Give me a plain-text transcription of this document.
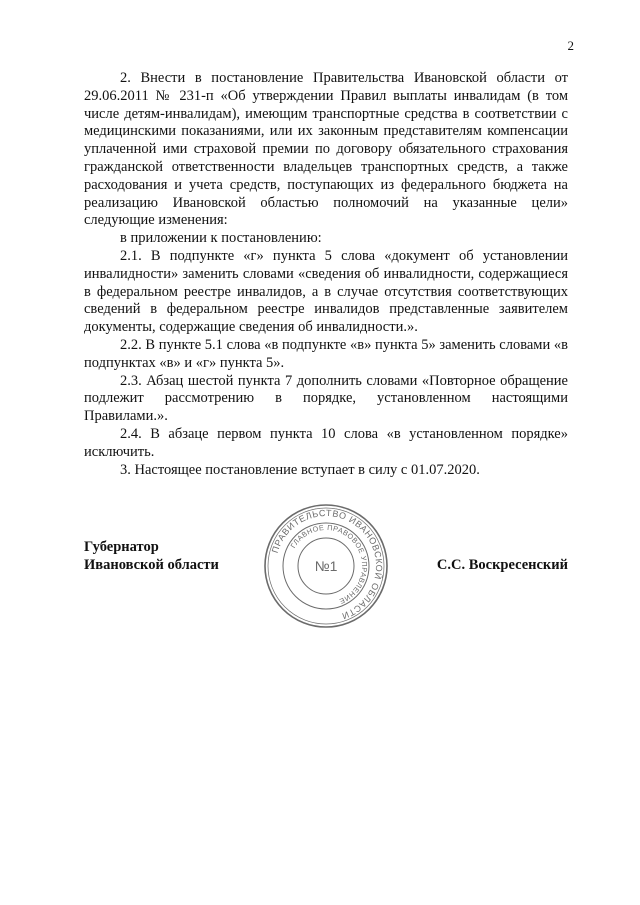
2

2. Внести в постановление Правительства Ивановской области от 29.06.2011 № 231-п «Об утверждении Правил выплаты инвалидам (в том числе детям-инвалидам), имеющим транспортные средства в соответствии с медицинскими показаниями, или их законным представителям компенсации уплаченной ими страховой премии по договору обязательного страхования гражданской ответственности владельцев транспортных средств, а также расходования и учета средств, поступающих из федерального бюджета на реализацию Ивановской областью полномочий на указанные цели» следующие изменения:

в приложении к постановлению:

2.1. В подпункте «г» пункта 5 слова «документ об установлении инвалидности» заменить словами «сведения об инвалидности, содержащиеся в федеральном реестре инвалидов, а в случае отсутствия соответствующих сведений в федеральном реестре инвалидов представленные заявителем документы, содержащие сведения об инвалидности.».

2.2. В пункте 5.1 слова «в подпункте «в» пункта 5» заменить словами «в подпунктах «в» и «г» пункта 5».

2.3. Абзац шестой пункта 7 дополнить словами «Повторное обращение подлежит рассмотрению в порядке, установленном настоящими Правилами.».

2.4. В абзаце первом пункта 10 слова «в установленном порядке» исключить.

3. Настоящее постановление вступает в силу с 01.07.2020.

Губернатор
Ивановской области
ПРАВИТЕЛЬСТВО ИВАНОВСКОЙ ОБЛАСТИ
ГЛАВНОЕ ПРАВОВОЕ УПРАВЛЕНИЕ
№1	С.С. Воскресенский
